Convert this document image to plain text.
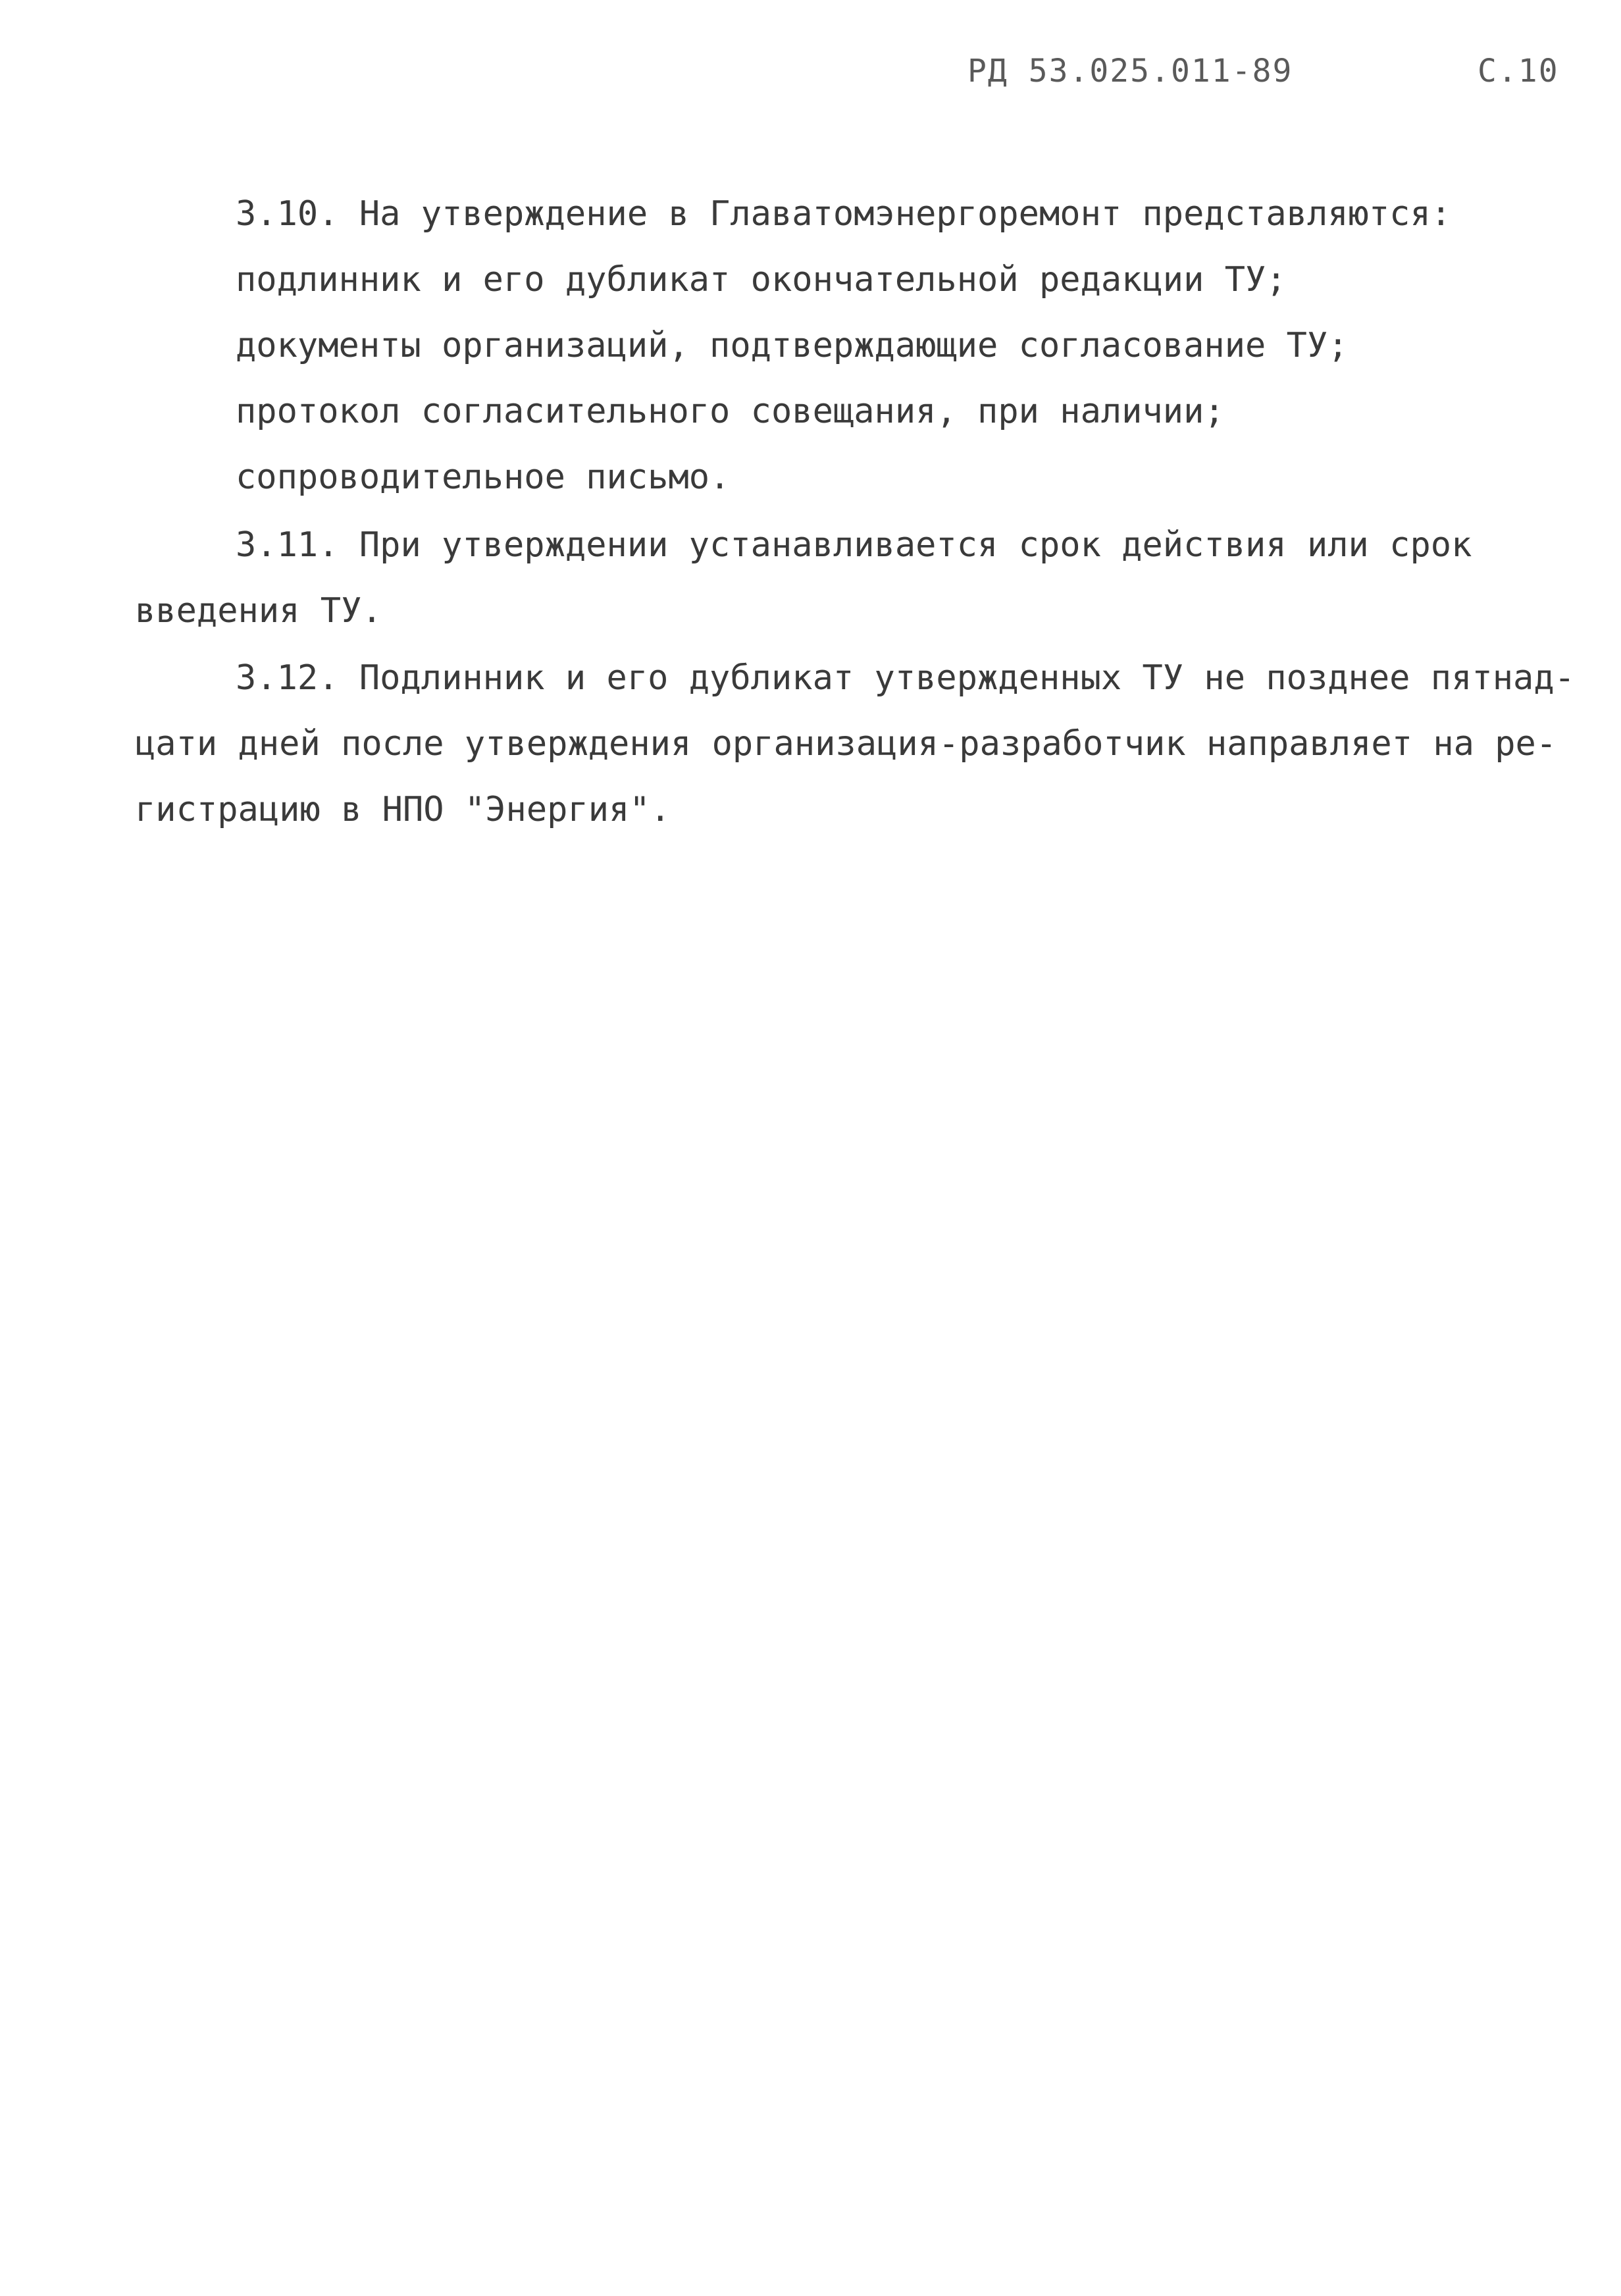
РД 53.025.011-89	С.10
3.10. На утверждение в Главатомэнергоремонт представляются:
подлинник и его дубликат окончательной редакции ТУ;
документы организаций, подтверждающие согласование ТУ;
протокол согласительного совещания, при наличии;
сопроводительное письмо.
3.11. При утверждении устанавливается срок действия или срок
введения ТУ.
3.12. Подлинник и его дубликат утвержденных ТУ не позднее пятнад-
цати дней после утверждения организация-разработчик направляет на ре-
гистрацию в НПО "Энергия".
